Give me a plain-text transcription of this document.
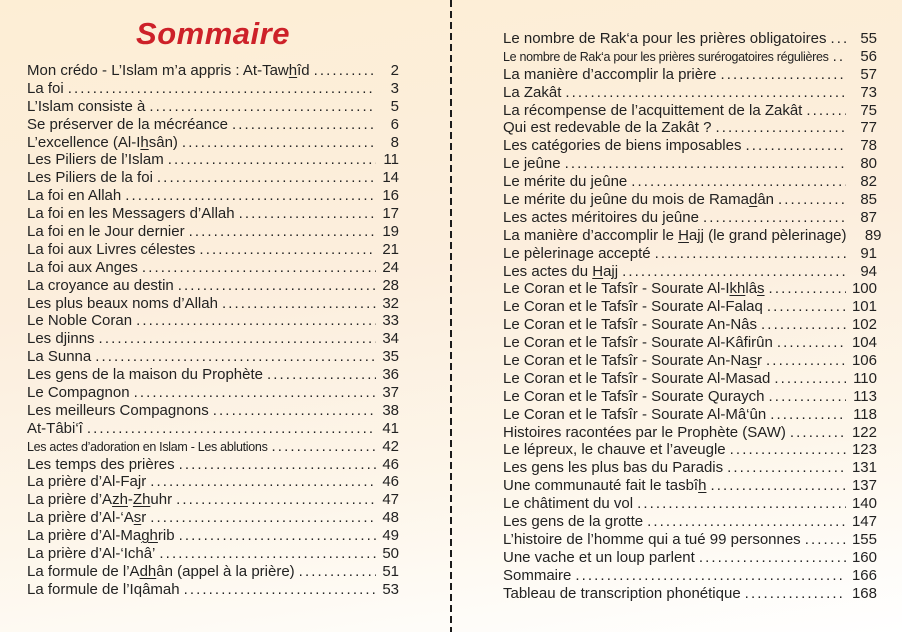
Sommaire
Mon crédo - L’Islam m’a appris : At-Tawhîd .....	2
La foi .....	3
L’Islam consiste à .....	5
Se préserver de la mécréance .....	6
L’excellence (Al-Ihsân) .....	8
Les Piliers de l’Islam .....	11
Les Piliers de la foi .....	14
La foi en Allah .....	16
La foi en les Messagers d’Allah .....	17
La foi en le Jour dernier .....	19
La foi aux Livres célestes .....	21
La foi aux Anges .....	24
La croyance au destin .....	28
Les plus beaux noms d’Allah .....	32
Le Noble Coran .....	33
Les djinns .....	34
La Sunna .....	35
Les gens de la maison du Prophète .....	36
Le Compagnon .....	37
Les meilleurs Compagnons .....	38
At-Tâbi‘î .....	41
Les actes d’adoration en Islam - Les ablutions .....	42
Les temps des prières .....	46
La prière d’Al-Fajr .....	46
La prière d’Azh-Zhuhr .....	47
La prière d’Al-‘Asr .....	48
La prière d’Al-Maghrib .....	49
La prière d’Al-‘Ichâ’ .....	50
La formule de l’Adhân (appel à la prière) .....	51
La formule de l’Iqâmah .....	53
Le nombre de Rak‘a pour les prières obligatoires .....	55
Le nombre de Rak‘a pour les prières surérogatoires régulières .....	56
La manière d’accomplir la prière .....	57
La Zakât .....	73
La récompense de l’acquittement de la Zakât .....	75
Qui est redevable de la Zakât ? .....	77
Les catégories de biens imposables .....	78
Le jeûne .....	80
Le mérite du jeûne .....	82
Le mérite du jeûne du mois de Ramadân .....	85
Les actes méritoires du jeûne .....	87
La manière d’accomplir le Hajj (le grand pèlerinage)	89
Le pèlerinage accepté .....	91
Les actes du Hajj .....	94
Le Coran et le Tafsîr - Sourate Al-Ikhlâs .....	100
Le Coran et le Tafsîr - Sourate Al-Falaq .....	101
Le Coran et le Tafsîr - Sourate An-Nâs .....	102
Le Coran et le Tafsîr - Sourate Al-Kâfirûn .....	104
Le Coran et le Tafsîr - Sourate An-Nasr .....	106
Le Coran et le Tafsîr - Sourate Al-Masad .....	110
Le Coran et le Tafsîr - Sourate Quraych .....	113
Le Coran et le Tafsîr - Sourate Al-Mâ‘ûn .....	118
Histoires racontées par le Prophète (SAW) .....	122
Le lépreux, le chauve et l’aveugle .....	123
Les gens les plus bas du Paradis .....	131
Une communauté fait le tasbîh .....	137
Le châtiment du vol .....	140
Les gens de la grotte .....	147
L’histoire de l’homme qui a tué 99 personnes .....	155
Une vache et un loup parlent .....	160
Sommaire .....	166
Tableau de transcription phonétique .....	168
